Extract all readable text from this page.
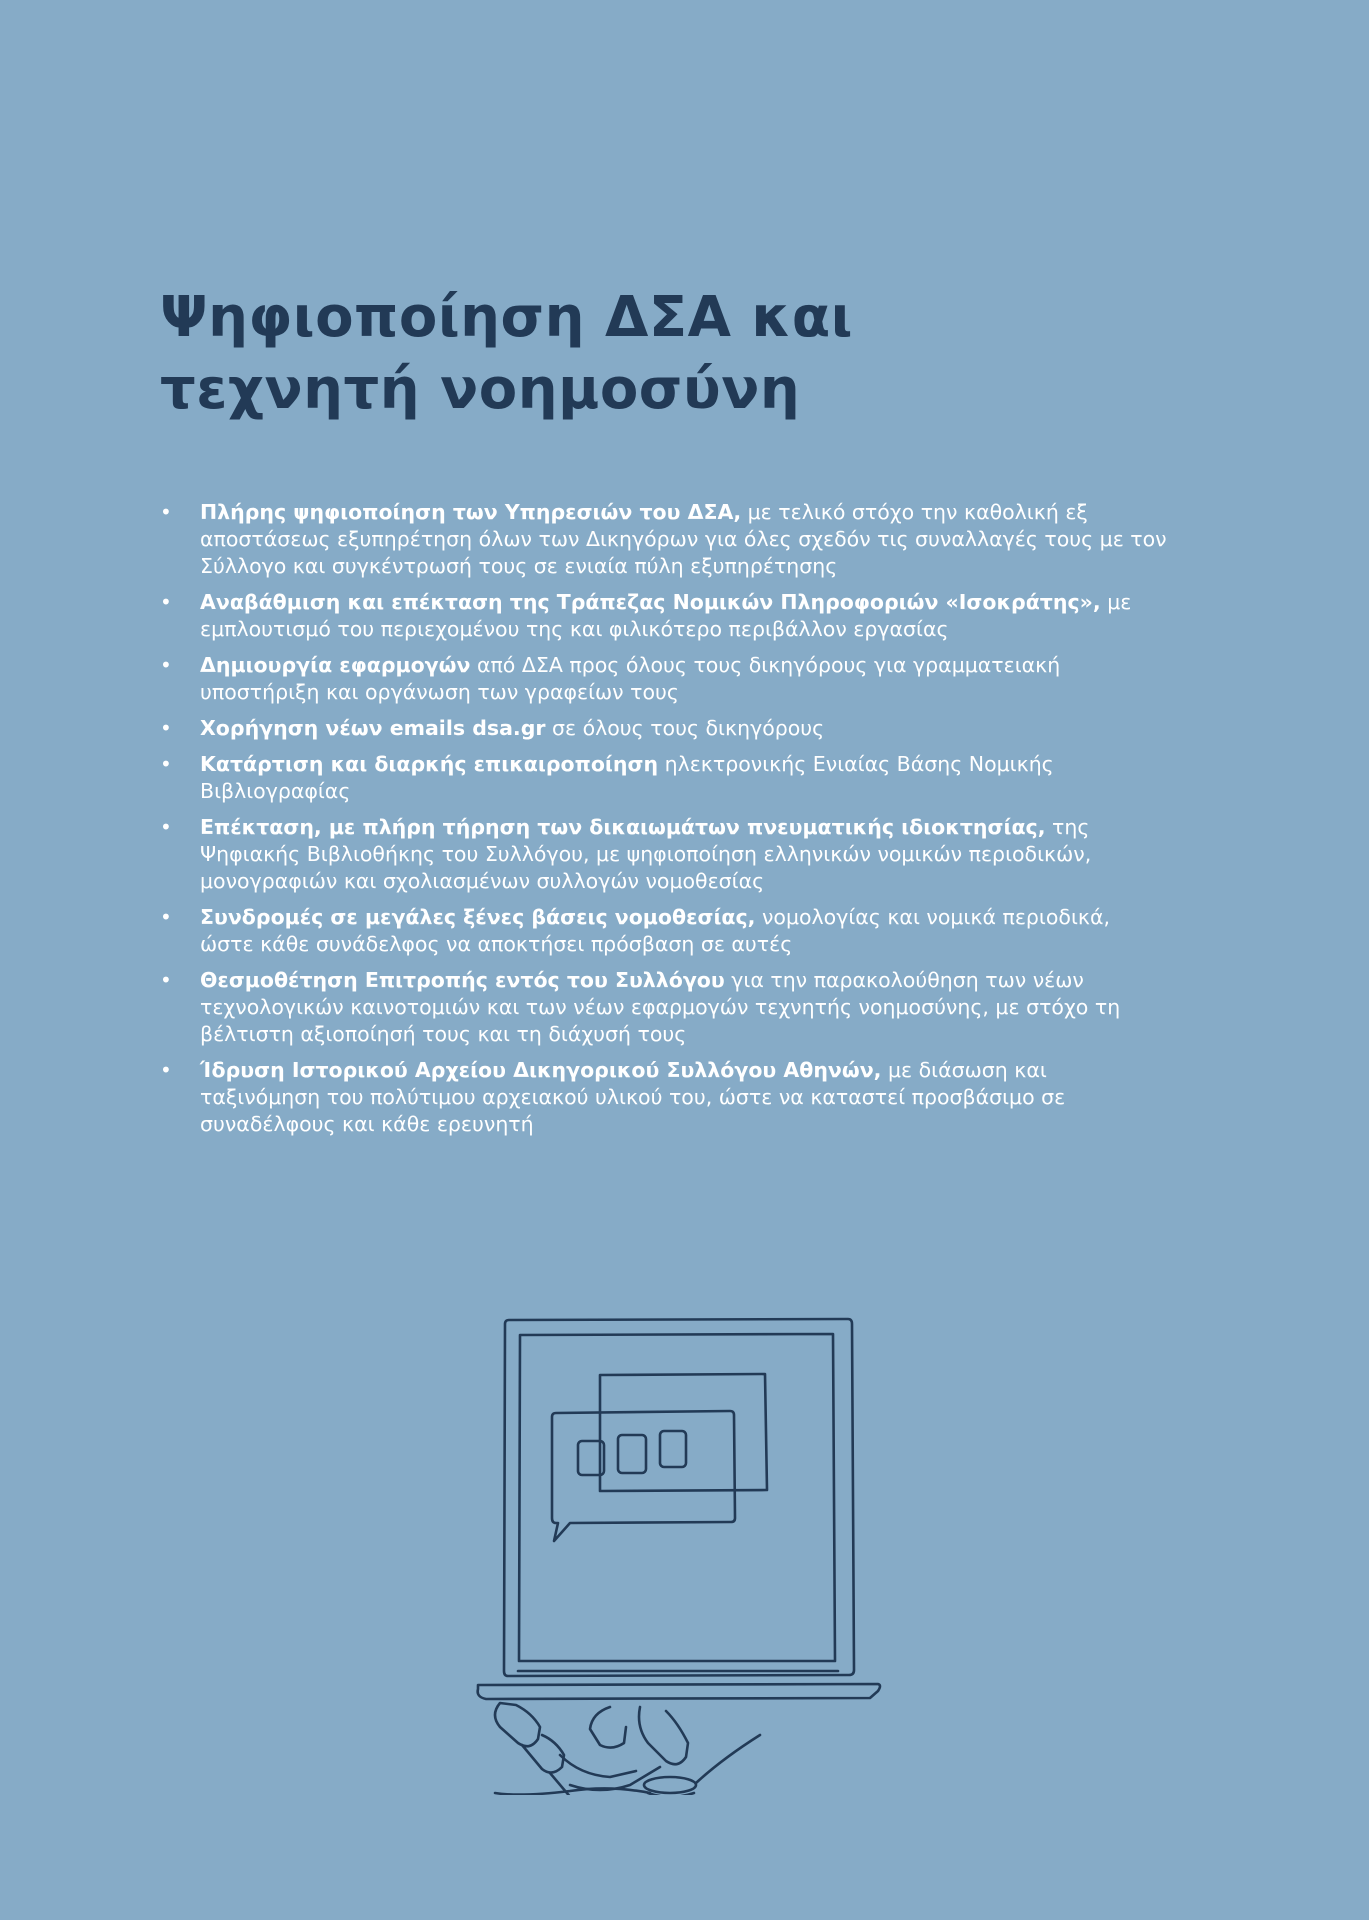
Ψηφιοποίηση ΔΣΑ και
τεχνητή νοημοσύνη
• Πλήρης ψηφιοποίηση των Υπηρεσιών του ΔΣΑ, με τελικό στόχο την καθολική εξ αποστάσεως εξυπηρέτηση όλων των Δικηγόρων για όλες σχεδόν τις συναλλαγές τους με τον Σύλλογο και συγκέντρωσή τους σε ενιαία πύλη εξυπηρέτησης
• Αναβάθμιση και επέκταση της Τράπεζας Νομικών Πληροφοριών «Ισοκράτης», με εμπλουτισμό του περιεχομένου της και φιλικότερο περιβάλλον εργασίας
• Δημιουργία εφαρμογών από ΔΣΑ προς όλους τους δικηγόρους για γραμματειακή υποστήριξη και οργάνωση των γραφείων τους
• Χορήγηση νέων emails dsa.gr σε όλους τους δικηγόρους
• Κατάρτιση και διαρκής επικαιροποίηση ηλεκτρονικής Ενιαίας Βάσης Νομικής Βιβλιογραφίας
• Επέκταση, με πλήρη τήρηση των δικαιωμάτων πνευματικής ιδιοκτησίας, της Ψηφιακής Βιβλιοθήκης του Συλλόγου, με ψηφιοποίηση ελληνικών νομικών περιοδικών, μονογραφιών και σχολιασμένων συλλογών νομοθεσίας
• Συνδρομές σε μεγάλες ξένες βάσεις νομοθεσίας, νομολογίας και νομικά περιοδικά, ώστε κάθε συνάδελφος να αποκτήσει πρόσβαση σε αυτές
• Θεσμοθέτηση Επιτροπής εντός του Συλλόγου για την παρακολούθηση των νέων τεχνολογικών καινοτομιών και των νέων εφαρμογών τεχνητής νοημοσύνης, με στόχο τη βέλτιστη αξιοποίησή τους και τη διάχυσή τους
• Ίδρυση Ιστορικού Αρχείου Δικηγορικού Συλλόγου Αθηνών, με διάσωση και ταξινόμηση του πολύτιμου αρχειακού υλικού του, ώστε να καταστεί προσβάσιμο σε συναδέλφους και κάθε ερευνητή
